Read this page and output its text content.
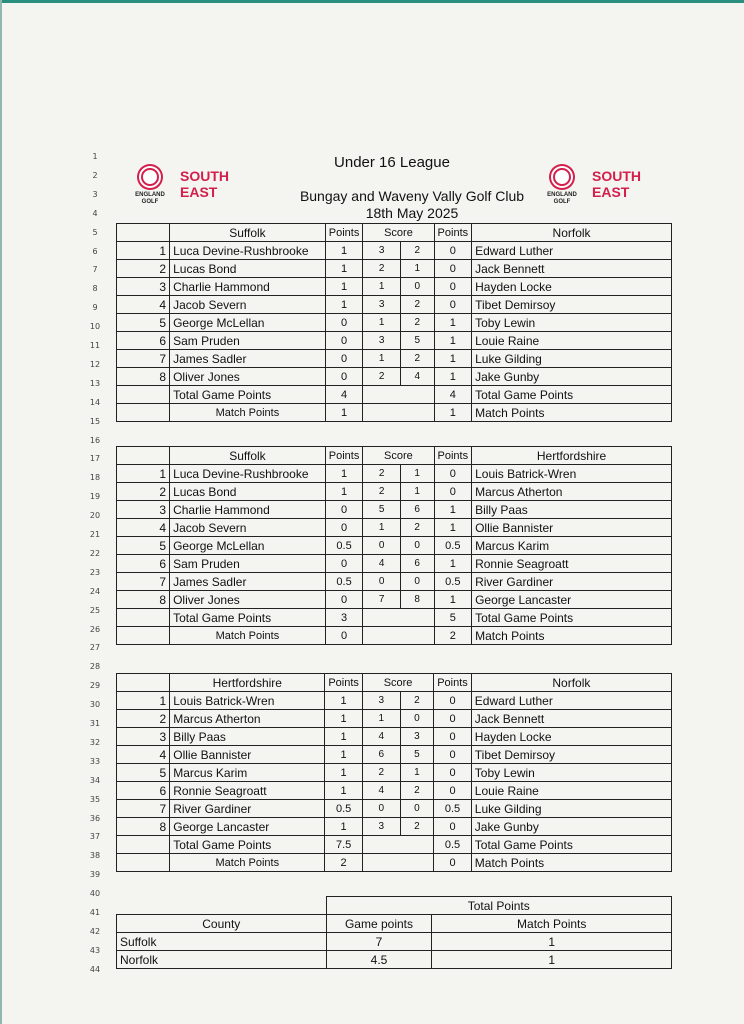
1
2
3
4
5
6
7
8
9
10
11
12
13
14
15
16
17
18
19
20
21
22
23
24
25
26
27
28
29
30
31
32
33
34
35
36
37
38
39
40
41
42
43
44
Under 16 League
Bungay and Waveny Vally Golf Club
18th May 2025
ENGLAND
GOLF
SOUTH
EAST	ENGLAND
GOLF
SOUTH
EAST
	Suffolk	Points	Score		Points	Norfolk
1	Luca Devine-Rushbrooke	1	3	2	0	Edward Luther
2	Lucas Bond	1	2	1	0	Jack Bennett
3	Charlie Hammond	1	1	0	0	Hayden Locke
4	Jacob Severn	1	3	2	0	Tibet Demirsoy
5	George McLellan	0	1	2	1	Toby Lewin
6	Sam Pruden	0	3	5	1	Louie Raine
7	James Sadler	0	1	2	1	Luke Gilding
8	Oliver Jones	0	2	4	1	Jake Gunby
	Total Game Points	4			4	Total Game Points
	Match Points	1			1	Match Points
	Suffolk	Points	Score		Points	Hertfordshire
1	Luca Devine-Rushbrooke	1	2	1	0	Louis Batrick-Wren
2	Lucas Bond	1	2	1	0	Marcus Atherton
3	Charlie Hammond	0	5	6	1	Billy Paas
4	Jacob Severn	0	1	2	1	Ollie Bannister
5	George McLellan	0.5	0	0	0.5	Marcus Karim
6	Sam Pruden	0	4	6	1	Ronnie Seagroatt
7	James Sadler	0.5	0	0	0.5	River Gardiner
8	Oliver Jones	0	7	8	1	George Lancaster
	Total Game Points	3			5	Total Game Points
	Match Points	0			2	Match Points
	Hertfordshire	Points	Score		Points	Norfolk
1	Louis Batrick-Wren	1	3	2	0	Edward Luther
2	Marcus Atherton	1	1	0	0	Jack Bennett
3	Billy Paas	1	4	3	0	Hayden Locke
4	Ollie Bannister	1	6	5	0	Tibet Demirsoy
5	Marcus Karim	1	2	1	0	Toby Lewin
6	Ronnie Seagroatt	1	4	2	0	Louie Raine
7	River Gardiner	0.5	0	0	0.5	Luke Gilding
8	George Lancaster	1	3	2	0	Jake Gunby
	Total Game Points	7.5			0.5	Total Game Points
	Match Points	2			0	Match Points
	Total Points	
County	Game points	Match Points
Suffolk	7	1
Norfolk	4.5	1
